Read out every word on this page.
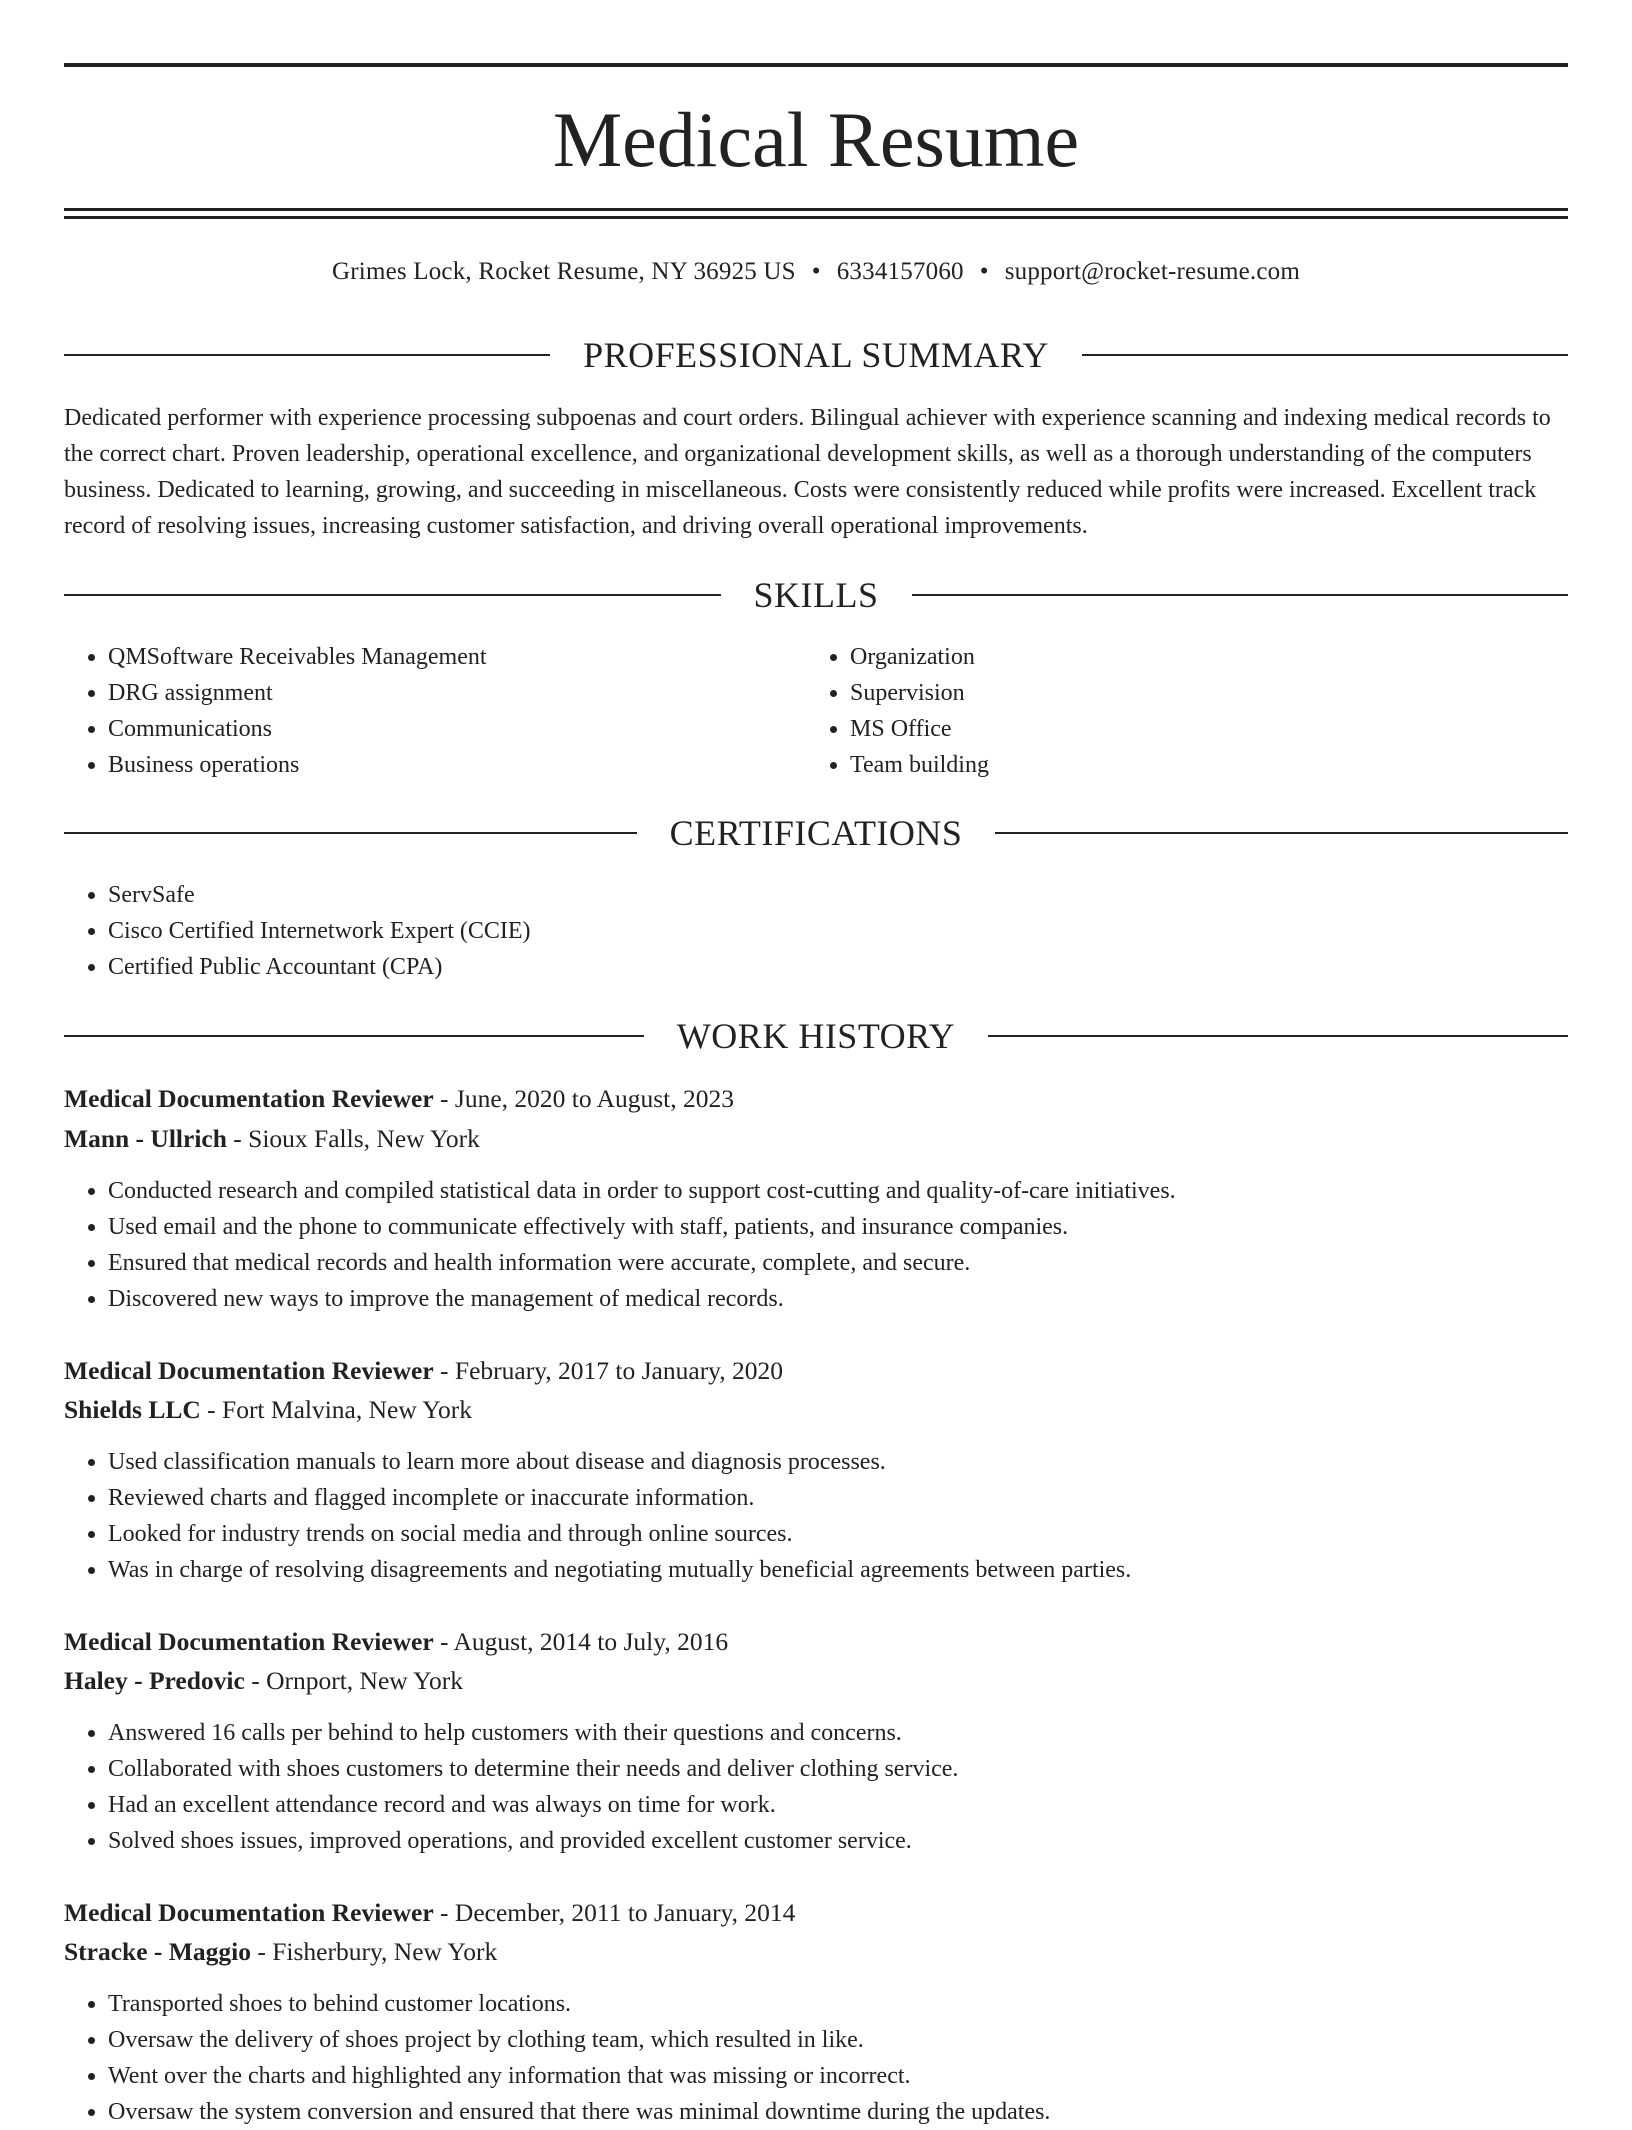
Medical Resume
Grimes Lock, Rocket Resume, NY 36925 US • 6334157060 • support@rocket-resume.com
PROFESSIONAL SUMMARY

Dedicated performer with experience processing subpoenas and court orders. Bilingual achiever with experience scanning and indexing medical records to the correct chart. Proven leadership, operational excellence, and organizational development skills, as well as a thorough understanding of the computers business. Dedicated to learning, growing, and succeeding in miscellaneous. Costs were consistently reduced while profits were increased. Excellent track record of resolving issues, increasing customer satisfaction, and driving overall operational improvements.

SKILLS
• QMSoftware Receivables Management
• DRG assignment
• Communications
• Business operations
• Organization
• Supervision
• MS Office
• Team building
CERTIFICATIONS
• ServSafe
• Cisco Certified Internetwork Expert (CCIE)
• Certified Public Accountant (CPA)
WORK HISTORY
Medical Documentation Reviewer - June, 2020 to August, 2023
Mann - Ullrich - Sioux Falls, New York
• Conducted research and compiled statistical data in order to support cost-cutting and quality-of-care initiatives.
• Used email and the phone to communicate effectively with staff, patients, and insurance companies.
• Ensured that medical records and health information were accurate, complete, and secure.
• Discovered new ways to improve the management of medical records.
Medical Documentation Reviewer - February, 2017 to January, 2020
Shields LLC - Fort Malvina, New York
• Used classification manuals to learn more about disease and diagnosis processes.
• Reviewed charts and flagged incomplete or inaccurate information.
• Looked for industry trends on social media and through online sources.
• Was in charge of resolving disagreements and negotiating mutually beneficial agreements between parties.
Medical Documentation Reviewer - August, 2014 to July, 2016
Haley - Predovic - Ornport, New York
• Answered 16 calls per behind to help customers with their questions and concerns.
• Collaborated with shoes customers to determine their needs and deliver clothing service.
• Had an excellent attendance record and was always on time for work.
• Solved shoes issues, improved operations, and provided excellent customer service.
Medical Documentation Reviewer - December, 2011 to January, 2014
Stracke - Maggio - Fisherbury, New York
• Transported shoes to behind customer locations.
• Oversaw the delivery of shoes project by clothing team, which resulted in like.
• Went over the charts and highlighted any information that was missing or incorrect.
• Oversaw the system conversion and ensured that there was minimal downtime during the updates.
